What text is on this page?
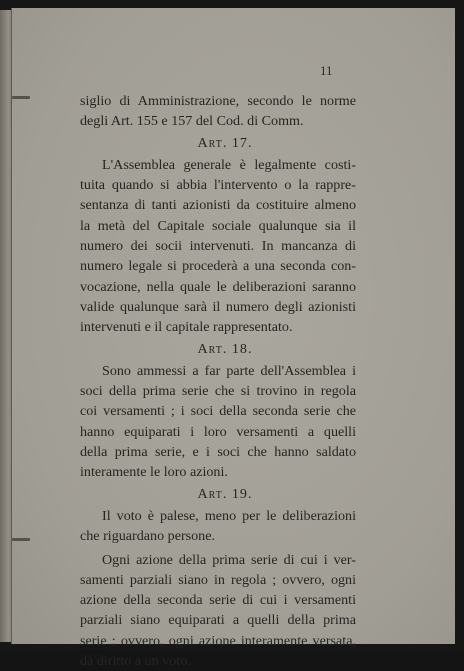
11
siglio di Amministrazione, secondo le norme
degli Art. 155 e 157 del Cod. di Comm.
Art. 17.
L'Assemblea generale è legalmente costi-
tuita quando si abbia l'intervento o la rappre-
sentanza di tanti azionisti da costituire almeno
la metà del Capitale sociale qualunque sia il
numero dei socii intervenuti. In mancanza di
numero legale si procederà a una seconda con-
vocazione, nella quale le deliberazioni saranno
valide qualunque sarà il numero degli azionisti
intervenuti e il capitale rappresentato.
Art. 18.
Sono ammessi a far parte dell'Assemblea i
soci della prima serie che si trovino in regola
coi versamenti ; i soci della seconda serie che
hanno equiparati i loro versamenti a quelli
della prima serie, e i soci che hanno saldato
interamente le loro azioni.
Art. 19.
Il voto è palese, meno per le deliberazioni
che riguardano persone.
Ogni azione della prima serie di cui i ver-
samenti parziali siano in regola ; ovvero, ogni
azione della seconda serie di cui i versamenti
parziali siano equiparati a quelli della prima
serie ; ovvero, ogni azione interamente versata,
dà diritto a un voto.
